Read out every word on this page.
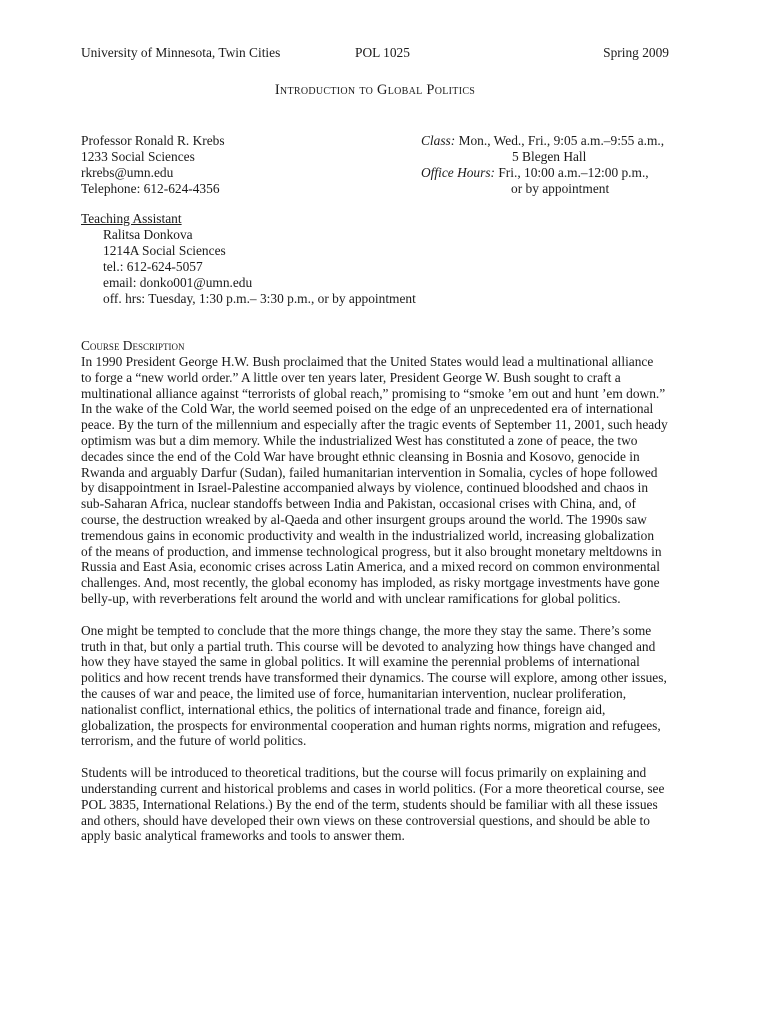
University of Minnesota, Twin Cities	POL 1025	Spring 2009
Introduction to Global Politics
Professor Ronald R. Krebs	Class: Mon., Wed., Fri., 9:05 a.m.–9:55 a.m.,
1233 Social Sciences	5 Blegen Hall
rkrebs@umn.edu	Office Hours: Fri., 10:00 a.m.–12:00 p.m.,
Telephone: 612-624-4356	or by appointment
Teaching Assistant
Ralitsa Donkova
1214A Social Sciences
tel.: 612-624-5057
email: donko001@umn.edu
off. hrs: Tuesday, 1:30 p.m.– 3:30 p.m., or by appointment
Course Description
In 1990 President George H.W. Bush proclaimed that the United States would lead a multinational alliance
to forge a “new world order.” A little over ten years later, President George W. Bush sought to craft a
multinational alliance against “terrorists of global reach,” promising to “smoke ’em out and hunt ’em down.”
In the wake of the Cold War, the world seemed poised on the edge of an unprecedented era of international
peace. By the turn of the millennium and especially after the tragic events of September 11, 2001, such heady
optimism was but a dim memory. While the industrialized West has constituted a zone of peace, the two
decades since the end of the Cold War have brought ethnic cleansing in Bosnia and Kosovo, genocide in
Rwanda and arguably Darfur (Sudan), failed humanitarian intervention in Somalia, cycles of hope followed
by disappointment in Israel-Palestine accompanied always by violence, continued bloodshed and chaos in
sub-Saharan Africa, nuclear standoffs between India and Pakistan, occasional crises with China, and, of
course, the destruction wreaked by al-Qaeda and other insurgent groups around the world. The 1990s saw
tremendous gains in economic productivity and wealth in the industrialized world, increasing globalization
of the means of production, and immense technological progress, but it also brought monetary meltdowns in
Russia and East Asia, economic crises across Latin America, and a mixed record on common environmental
challenges. And, most recently, the global economy has imploded, as risky mortgage investments have gone
belly-up, with reverberations felt around the world and with unclear ramifications for global politics.
One might be tempted to conclude that the more things change, the more they stay the same. There’s some
truth in that, but only a partial truth. This course will be devoted to analyzing how things have changed and
how they have stayed the same in global politics. It will examine the perennial problems of international
politics and how recent trends have transformed their dynamics. The course will explore, among other issues,
the causes of war and peace, the limited use of force, humanitarian intervention, nuclear proliferation,
nationalist conflict, international ethics, the politics of international trade and finance, foreign aid,
globalization, the prospects for environmental cooperation and human rights norms, migration and refugees,
terrorism, and the future of world politics.
Students will be introduced to theoretical traditions, but the course will focus primarily on explaining and
understanding current and historical problems and cases in world politics. (For a more theoretical course, see
POL 3835, International Relations.) By the end of the term, students should be familiar with all these issues
and others, should have developed their own views on these controversial questions, and should be able to
apply basic analytical frameworks and tools to answer them.
